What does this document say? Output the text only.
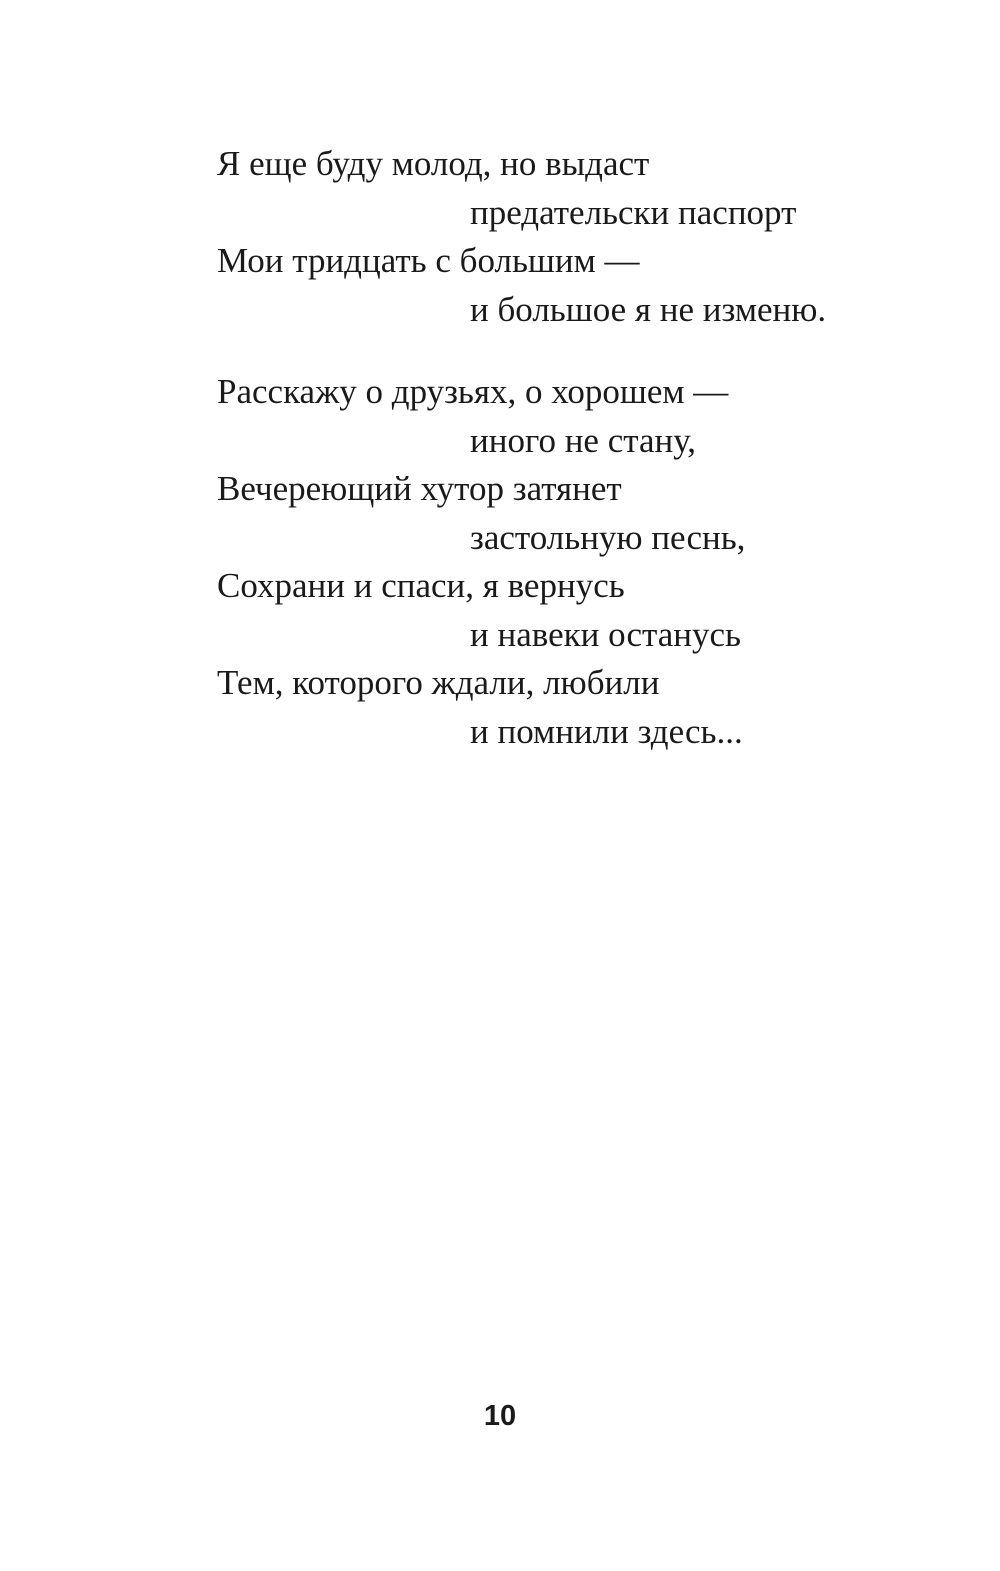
Я еще буду молод, но выдаст
предательски паспорт
Мои тридцать с большим —
и большое я не изменю.

Расскажу о друзьях, о хорошем —
иного не стану,
Вечереющий хутор затянет
застольную песнь,
Сохрани и спаси, я вернусь
и навеки останусь
Тем, которого ждали, любили
и помнили здесь...

10
